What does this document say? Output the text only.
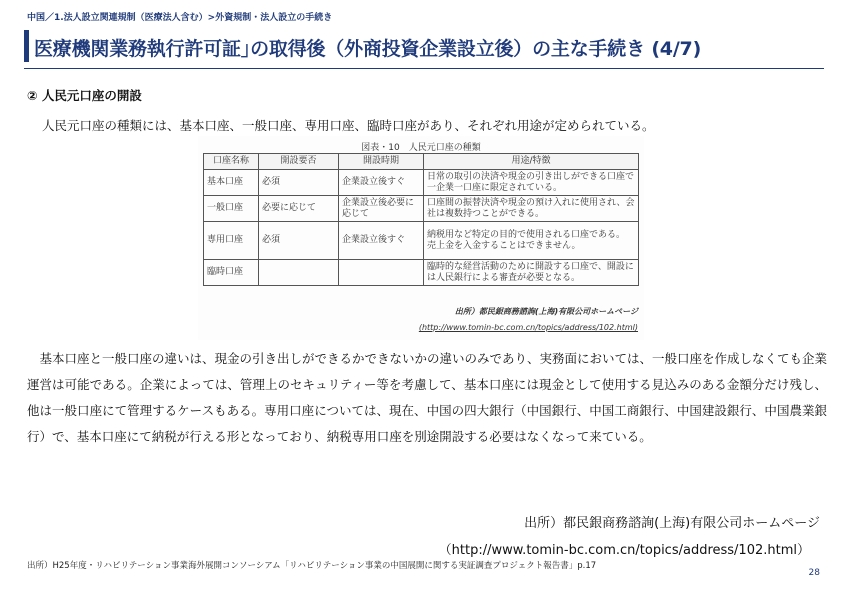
中国／1.法人設立関連規制（医療法人含む）>外資規制・法人設立の手続き
医療機関業務執行許可証｣の取得後（外商投資企業設立後）の主な手続き (4/7)
② 人民元口座の開設
人民元口座の種類には、基本口座、一般口座、専用口座、臨時口座があり、それぞれ用途が定められている。
図表・10　人民元口座の種類
口座名称	開設要否	開設時期	用途/特徴
基本口座	必須	企業設立後すぐ	日常の取引の決済や現金の引き出しができる口座で一企業一口座に限定されている。
一般口座	必要に応じて	企業設立後必要に応じて	口座間の振替決済や現金の預け入れに使用され、会社は複数持つことができる。
専用口座	必須	企業設立後すぐ	納税用など特定の目的で使用される口座である。
売上金を入金することはできません。
臨時口座			臨時的な経営活動のために開設する口座で、開設には人民銀行による審査が必要となる。
出所）都民銀商務諮詢(上海)有限公司ホームページ
(http://www.tomin-bc.com.cn/topics/address/102.html)

基本口座と一般口座の違いは、現金の引き出しができるかできないかの違いのみであり、実務面においては、一般口座を作成しなくても企業運営は可能である。企業によっては、管理上のセキュリティー等を考慮して、基本口座には現金として使用する見込みのある金額分だけ残し、他は一般口座にて管理するケースもある。専用口座については、現在、中国の四大銀行（中国銀行、中国工商銀行、中国建設銀行、中国農業銀行）で、基本口座にて納税が行える形となっており、納税専用口座を別途開設する必要はなくなって来ている。

出所）都民銀商務諮詢(上海)有限公司ホームページ
（http://www.tomin-bc.com.cn/topics/address/102.html）
出所）H25年度・リハビリテーション事業海外展開コンソーシアム「リハビリテーション事業の中国展開に関する実証調査プロジェクト報告書」p.17
28
